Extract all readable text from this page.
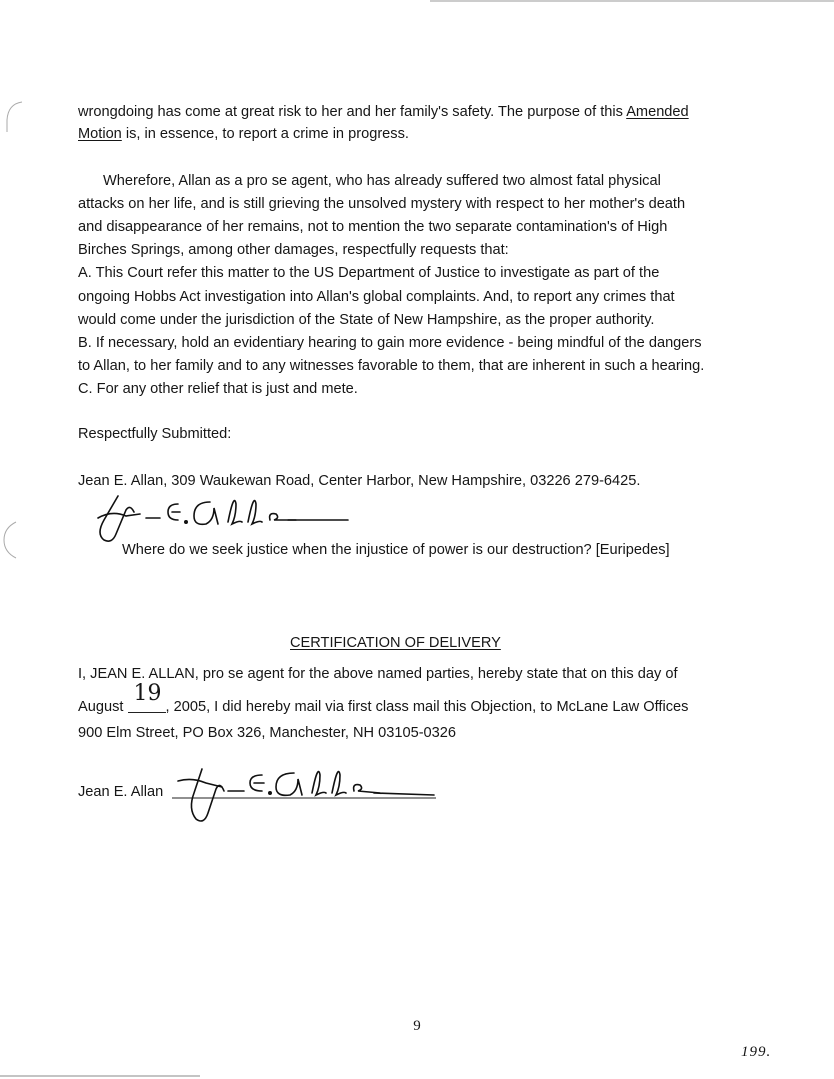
wrongdoing has come at great risk to her and her family's safety. The purpose of this Amended

Motion is, in essence, to report a crime in progress.

Wherefore, Allan as a pro se agent, who has already suffered two almost fatal physical

attacks on her life, and is still grieving the unsolved mystery with respect to her mother's death

and disappearance of her remains, not to mention the two separate contamination's of High

Birches Springs, among other damages, respectfully requests that:

A. This Court refer this matter to the US Department of Justice to investigate as part of the

ongoing Hobbs Act investigation into Allan's global complaints. And, to report any crimes that

would come under the jurisdiction of the State of New Hampshire, as the proper authority.

B. If necessary, hold an evidentiary hearing to gain more evidence - being mindful of the dangers

to Allan, to her family and to any witnesses favorable to them, that are inherent in such a hearing.

C. For any other relief that is just and mete.

Respectfully Submitted:

Jean E. Allan, 309 Waukewan Road, Center Harbor, New Hampshire, 03226 279-6425.

Where do we seek justice when the injustice of power is our destruction? [Euripedes]

CERTIFICATION OF DELIVERY

I, JEAN E. ALLAN, pro se agent for the above named parties, hereby state that on this day of

August
19
, 2005, I did hereby mail via first class mail this Objection, to McLane Law Offices

900 Elm Street, PO Box 326, Manchester, NH 03105-0326

Jean E. Allan

9
199.
